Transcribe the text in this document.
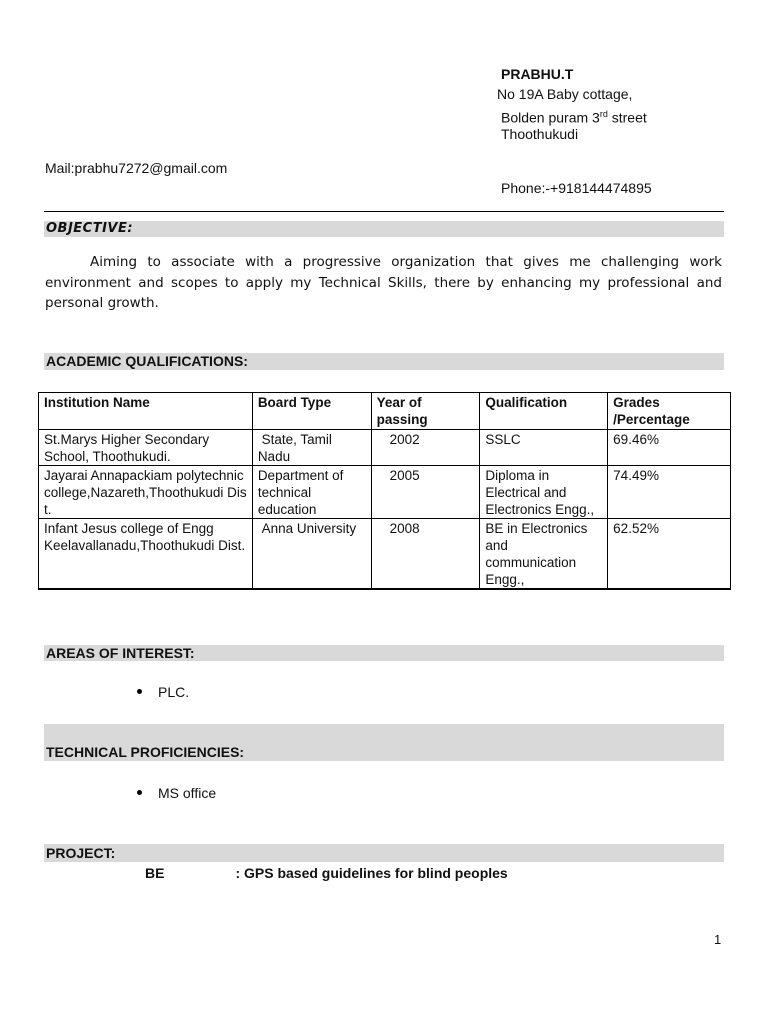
PRABHU.T
No 19A Baby cottage,
Bolden puram 3rd street
Thoothukudi
Mail:prabhu7272@gmail.com
Phone:-+918144474895
OBJECTIVE:
Aiming to associate with a progressive organization that gives me challenging work environment and scopes to apply my Technical Skills, there by enhancing my professional and personal growth.
ACADEMIC QUALIFICATIONS:
Institution Name	Board Type	Year of passing	Qualification	Grades /Percentage
St.Marys Higher Secondary School, Thoothukudi.	State, Tamil Nadu	2002	SSLC	69.46%
Jayarai Annapackiam polytechnic college,Nazareth,Thoothukudi Dist.	Department of technical education	2005	Diploma in Electrical and Electronics Engg.,	74.49%
Infant Jesus college of Engg Keelavallanadu,Thoothukudi Dist.	Anna University	2008	BE in Electronics and communication Engg.,	62.52%
AREAS OF INTEREST:
PLC.
TECHNICAL PROFICIENCIES:
MS office
PROJECT:
BE	: GPS based guidelines for blind peoples
1
